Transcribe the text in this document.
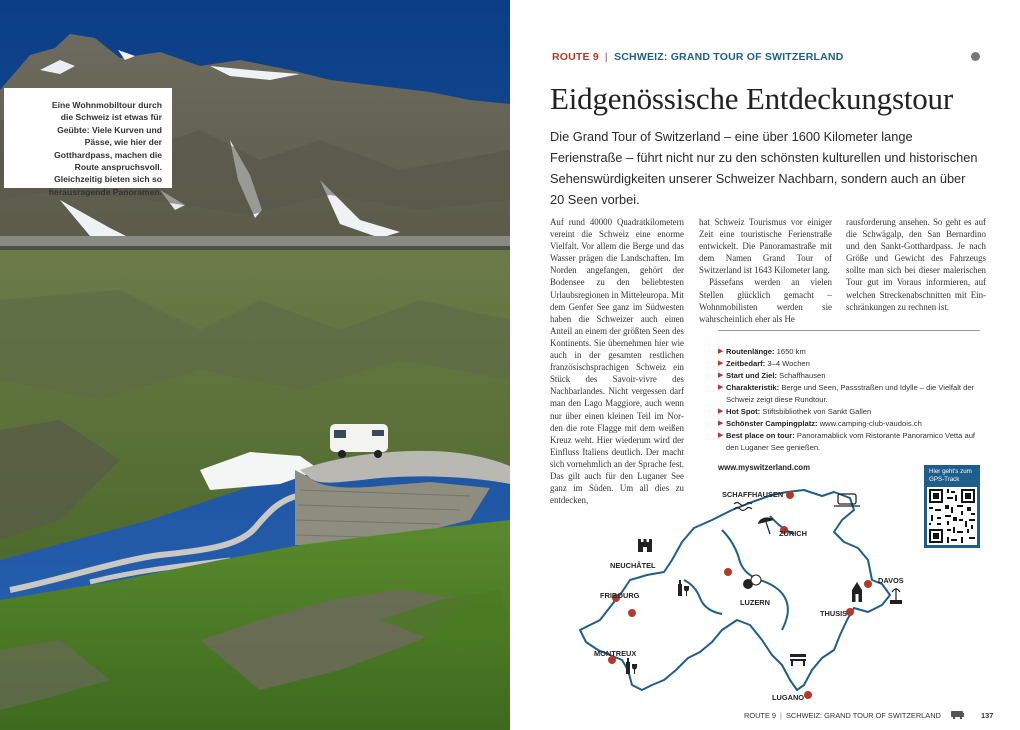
Eine Wohnmobiltour durch die Schweiz ist etwas für Geübte: Viele Kurven und Pässe, wie hier der Gotthardpass, machen die Route anspruchsvoll. Gleichzeitig bieten sich so herausragende Panoramen.

ROUTE 9 | SCHWEIZ: GRAND TOUR OF SWITZERLAND
Eidgenössische Entdeckungstour

Die Grand Tour of Switzerland – eine über 1600 Kilometer lange Ferienstraße – führt nicht nur zu den schönsten kulturellen und historischen Sehenswürdigkeiten unserer Schweizer Nachbarn, sondern auch an über 20 Seen vorbei.

Auf rund 40000 Quadratkilometern vereint die Schweiz eine enorme Vielfalt. Vor allem die Berge und das Wasser prägen die Landschaften. Im Norden angefangen, gehört der Bodensee zu den beliebtesten Urlaubsregionen in Mitteleuropa. Mit dem Genfer See ganz im Südwesten haben die Schweizer auch einen Anteil an einem der größten Seen des Kontinents. Sie übernehmen hier wie auch in der gesamten restlichen französischsprachigen Schweiz ein Stück des Savoir-vivre des Nachbarlandes. Nicht vergessen darf man den Lago Maggiore, auch wenn nur über einen kleinen Teil im Norden die rote Flagge mit dem weißen Kreuz weht. Hier wiederum wird der Einfluss Italiens deutlich. Der macht sich vornehmlich an der Sprache fest. Das gilt auch für den Luganer See ganz im Süden. Um all dies zu entdecken,

hat Schweiz Tourismus vor einiger Zeit eine touristische Ferienstraße entwickelt. Die Panoramastraße mit dem Namen Grand Tour of Switzerland ist 1643 Kilometer lang.

Pässefans werden an vielen Stellen glücklich gemacht – Wohnmobilisten werden sie wahrscheinlich eher als He

rausforderung ansehen. So geht es auf die Schwägalp, den San Bernardino und den Sankt-Gotthardpass. Je nach Größe und Gewicht des Fahrzeugs sollte man sich bei dieser malerischen Tour gut im Voraus informieren, auf welchen Streckenabschnitten mit Einschränkungen zu rechnen ist.

▶ Routenlänge: 1650 km
▶ Zeitbedarf: 3–4 Wochen
▶ Start und Ziel: Schaffhausen
▶ Charakteristik: Berge und Seen, Passstraßen und Idylle – die Vielfalt der Schweiz zeigt diese Rundtour.
▶ Hot Spot: Stiftsbibliothek von Sankt Gallen
▶ Schönster Campingplatz: www.camping-club-vaudois.ch
▶ Best place on tour: Panoramablick vom Ristorante Panoramico Vetta auf den Luganer See genießen.
www.myswitzerland.com	Hier geht's zum GPS-Track
SCHAFFHAUSEN
ZÜRICH
NEUCHÂTEL
FRIBOURG
LUZERN
DAVOS
THUSIS
MONTREUX
LUGANO
ROUTE 9 | SCHWEIZ: GRAND TOUR OF SWITZERLAND	137
